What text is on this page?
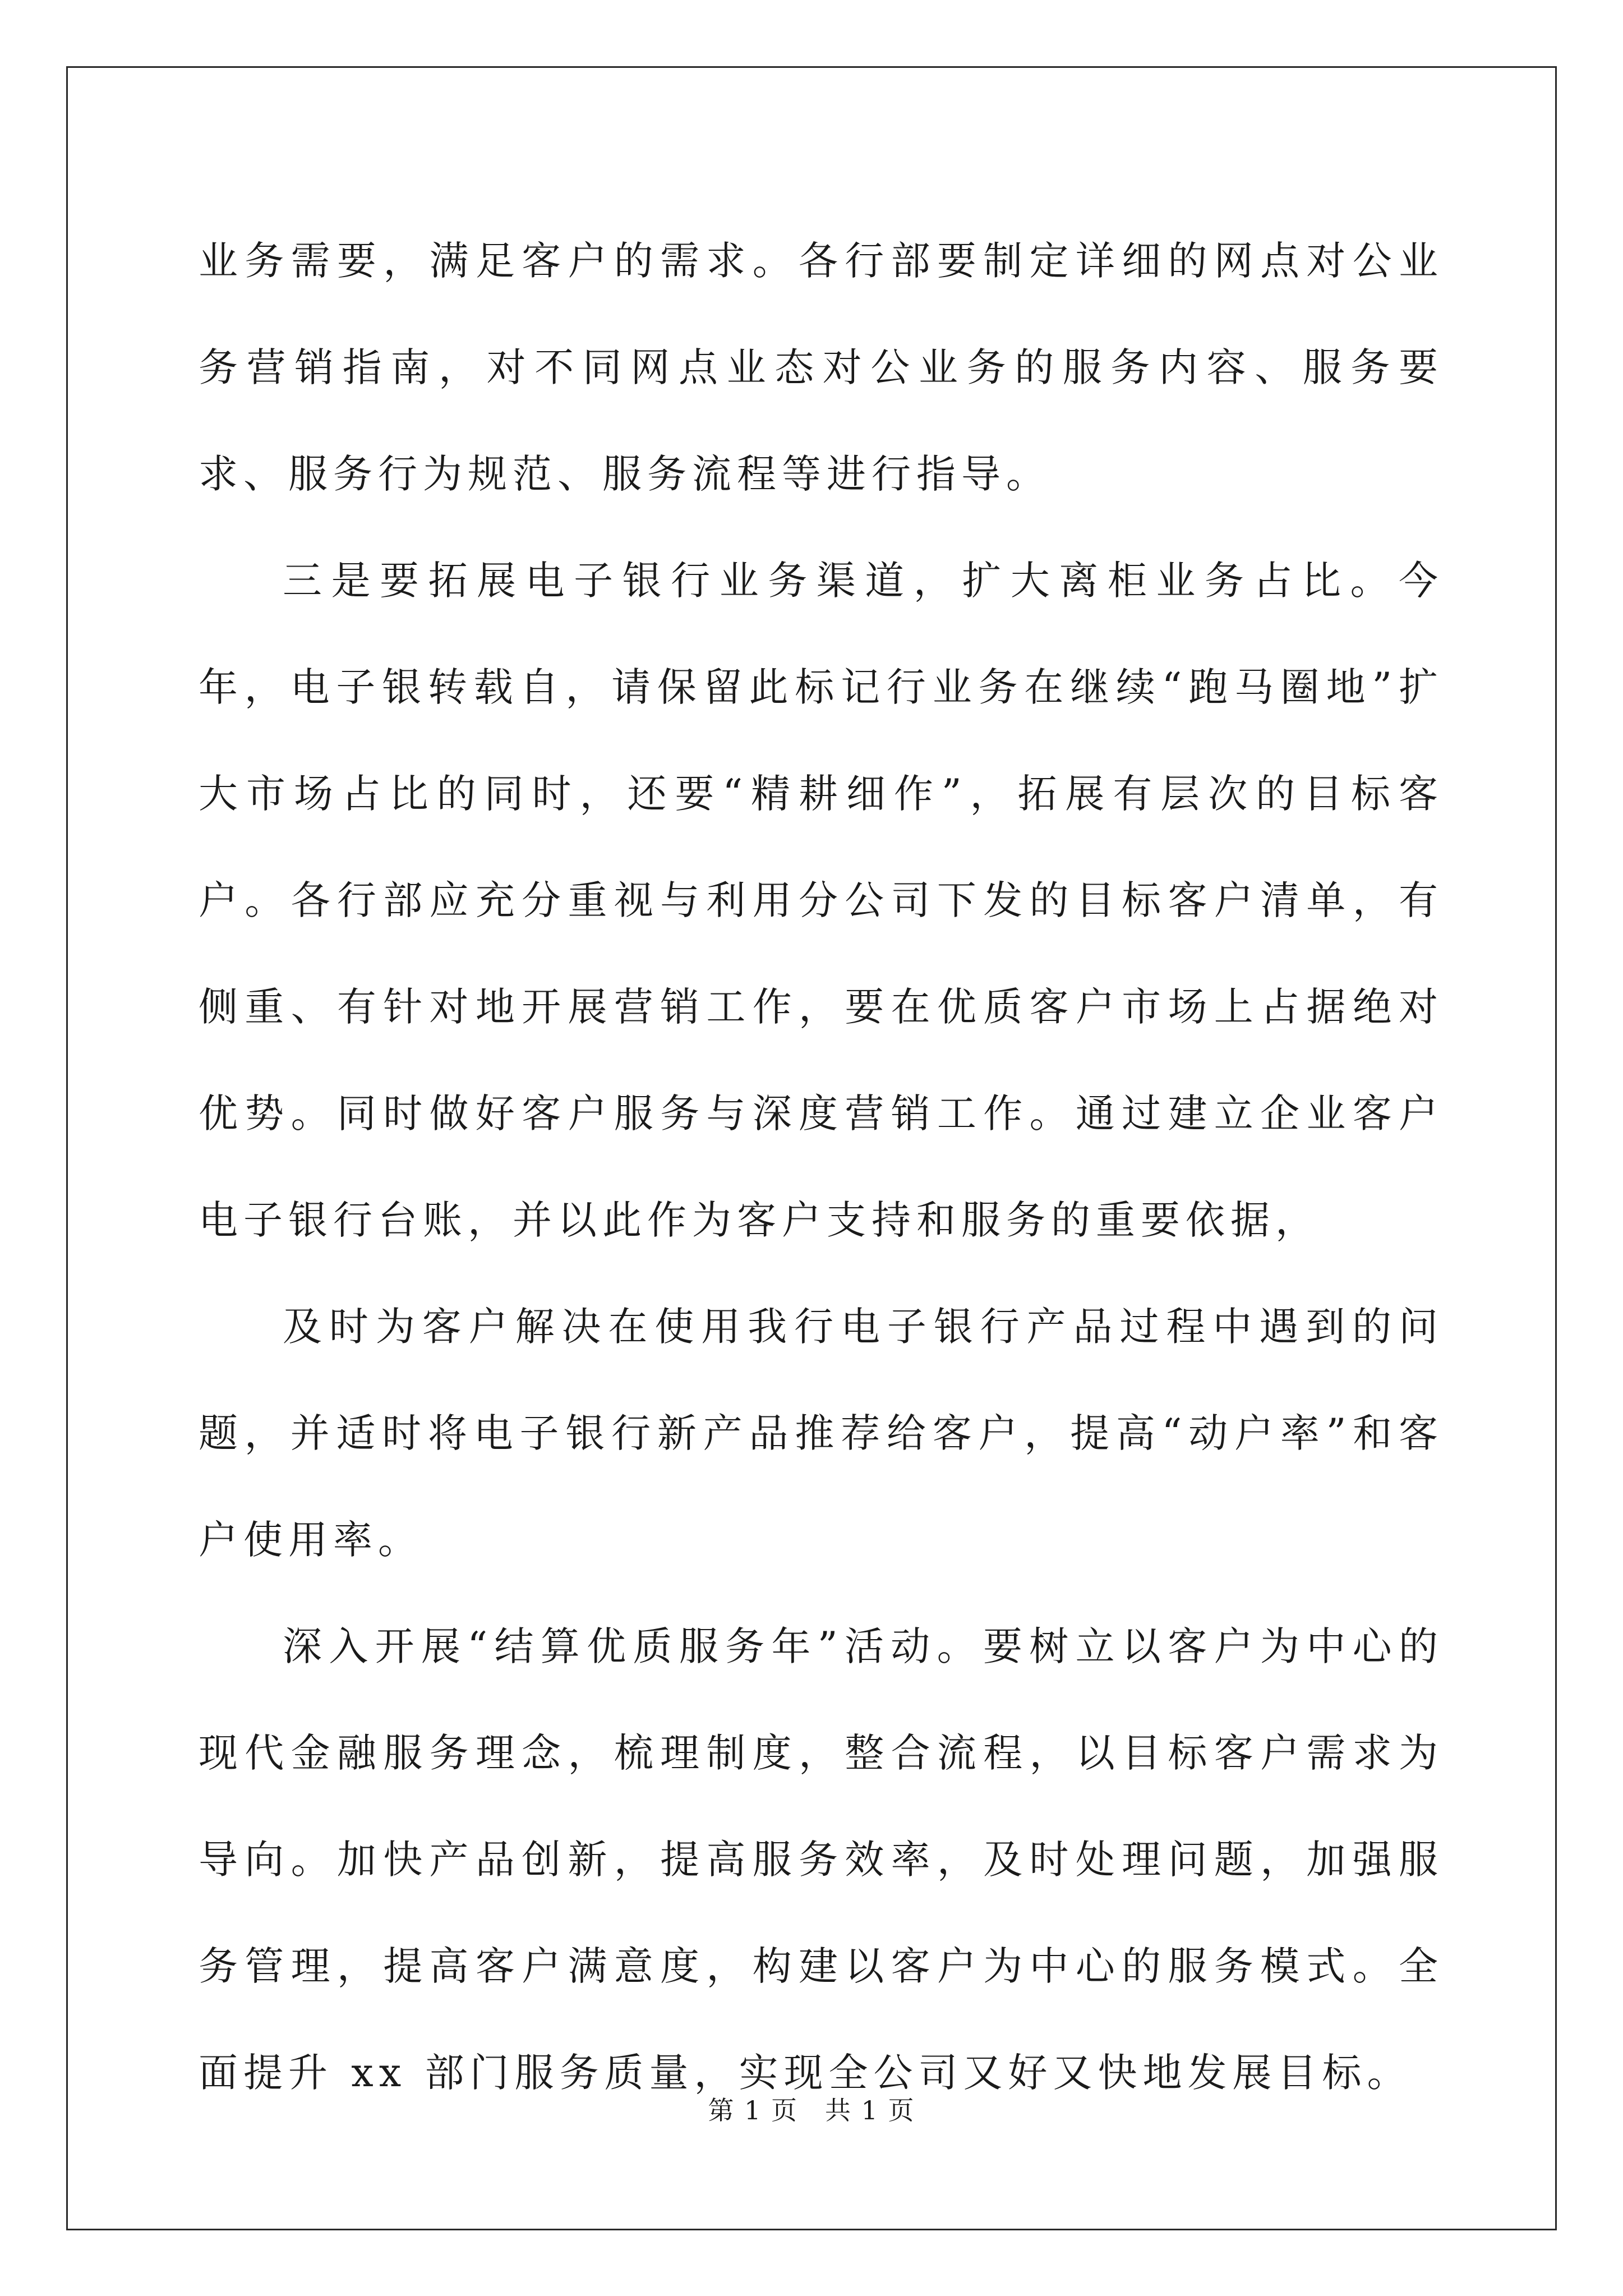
业务需要，满足客户的需求。各行部要制定详细的网点对公业务营销指南，对不同网点业态对公业务的服务内容、服务要求、服务行为规范、服务流程等进行指导。

三是要拓展电子银行业务渠道，扩大离柜业务占比。今年，电子银转载自，请保留此标记行业务在继续“跑马圈地”扩大市场占比的同时，还要“精耕细作”，拓展有层次的目标客户。各行部应充分重视与利用分公司下发的目标客户清单，有侧重、有针对地开展营销工作，要在优质客户市场上占据绝对优势。同时做好客户服务与深度营销工作。通过建立企业客户电子银行台账，并以此作为客户支持和服务的重要依据，

及时为客户解决在使用我行电子银行产品过程中遇到的问题，并适时将电子银行新产品推荐给客户，提高“动户率”和客户使用率。

深入开展“结算优质服务年”活动。要树立以客户为中心的现代金融服务理念，梳理制度，整合流程，以目标客户需求为导向。加快产品创新，提高服务效率，及时处理问题，加强服务管理，提高客户满意度，构建以客户为中心的服务模式。全面提升 xx 部门服务质量，实现全公司又好又快地发展目标。

第 1 页　共 1 页
